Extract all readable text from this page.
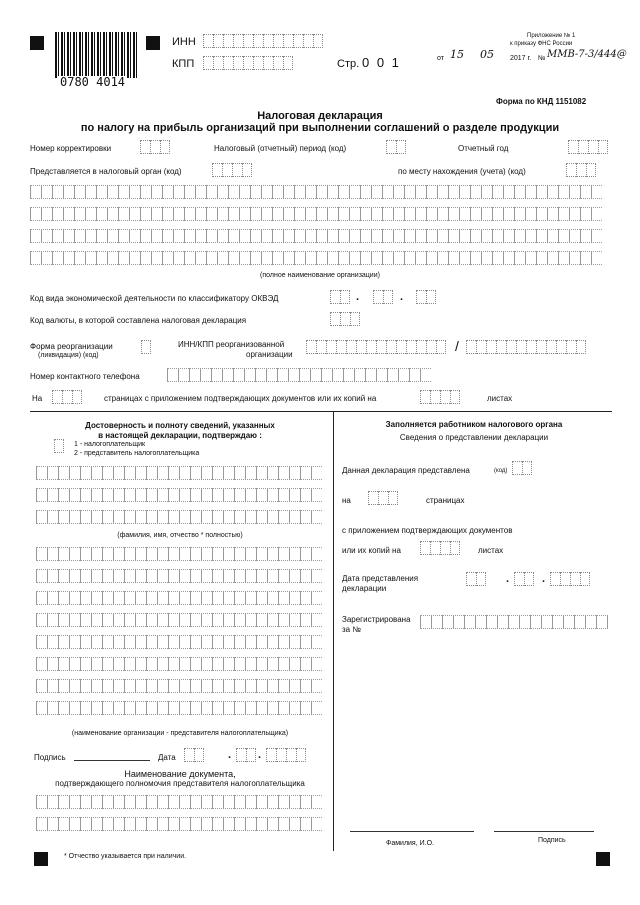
0780 4014
ИНН
КПП	Стр. 0 0 1
Приложение № 1
к приказу ФНС России
от 15 05 2017 г. № ММВ-7-3/444@
Форма по КНД 1151082
Налоговая декларация
по налогу на прибыль организаций при выполнении соглашений о разделе продукции
Номер корректировки	Налоговый (отчетный) период (код)	Отчетный год
Представляется в налоговый орган (код)	по месту нахождения (учета) (код)
(полное наименование организации)
Код вида экономической деятельности по классификатору ОКВЭД	.	.
Код валюты, в которой составлена налоговая декларация
Форма реорганизации
(ликвидация) (код)
ИНН/КПП реорганизованной
организации
/
Номер контактного телефона
На	страницах с приложением подтверждающих документов или их копий на	листах
Достоверность и полноту сведений, указанных
в настоящей декларации, подтверждаю :
1 - налогоплательщик
2 - представитель налогоплательщика
(фамилия, имя, отчество * полностью)
(наименование организации - представителя налогоплательщика)
Подпись	Дата	. .
Наименование документа,
подтверждающего полномочия представителя налогоплательщика
* Отчество указывается при наличии.
Заполняется работником налогового органа
Сведения о представлении декларации
Данная декларация представлена	(код)
на	страницах
с приложением подтверждающих документов
или их копий на	листах
Дата представления
декларации
.	.
Зарегистрирована
за №
Фамилия, И.О.	Подпись
